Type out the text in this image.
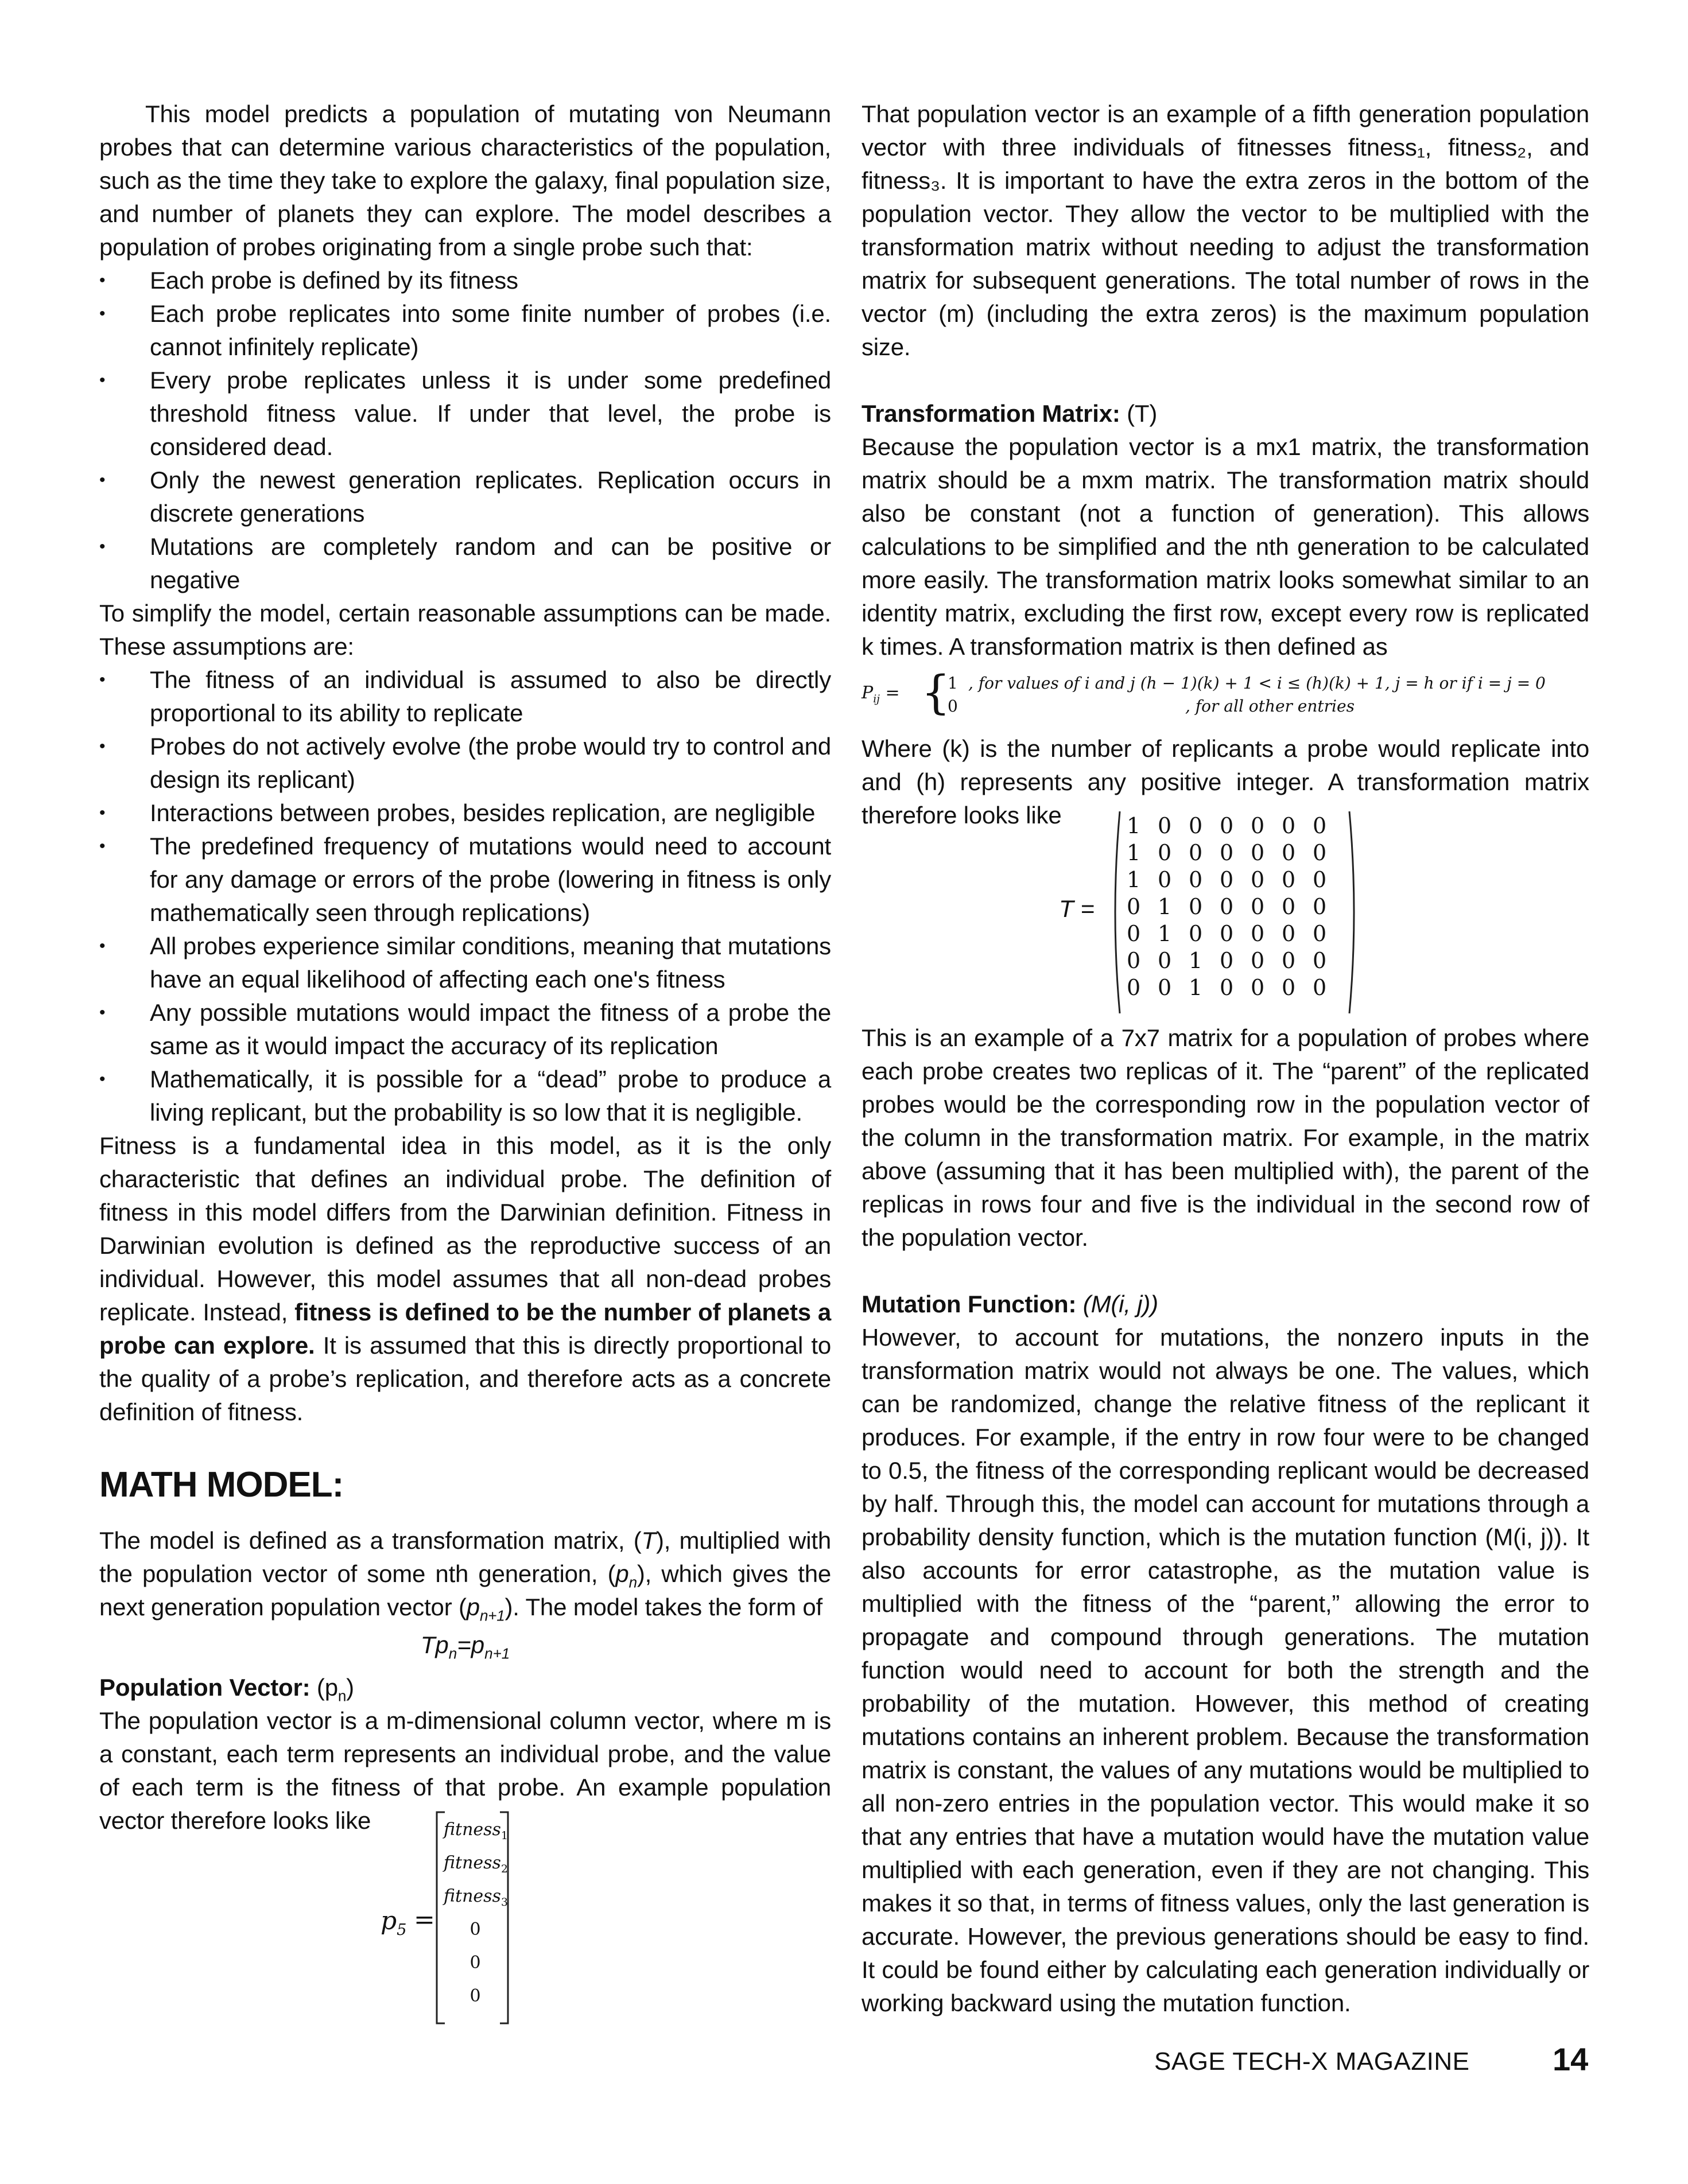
This model predicts a population of mutating von Neumann probes that can determine various characteristics of the population, such as the time they take to explore the galaxy, final population size, and number of planets they can explore. The model describes a population of probes originating from a single probe such that:

• Each probe is defined by its fitness
• Each probe replicates into some finite number of probes (i.e. cannot infinitely replicate)
• Every probe replicates unless it is under some predefined threshold fitness value. If under that level, the probe is considered dead.
• Only the newest generation replicates. Replication occurs in discrete generations
• Mutations are completely random and can be positive or negative

To simplify the model, certain reasonable assumptions can be made. These assumptions are:

• The fitness of an individual is assumed to also be directly proportional to its ability to replicate
• Probes do not actively evolve (the probe would try to control and design its replicant)
• Interactions between probes, besides replication, are negligible
• The predefined frequency of mutations would need to account for any damage or errors of the probe (lowering in fitness is only mathematically seen through replications)
• All probes experience similar conditions, meaning that mutations have an equal likelihood of affecting each one's fitness
• Any possible mutations would impact the fitness of a probe the same as it would impact the accuracy of its replication
• Mathematically, it is possible for a “dead” probe to produce a living replicant, but the probability is so low that it is negligible.

Fitness is a fundamental idea in this model, as it is the only characteristic that defines an individual probe. The definition of fitness in this model differs from the Darwinian definition. Fitness in Darwinian evolution is defined as the reproductive success of an individual. However, this model assumes that all non-dead probes replicate. Instead, fitness is defined to be the number of planets a probe can explore. It is assumed that this is directly proportional to the quality of a probe’s replication, and therefore acts as a concrete definition of fitness.

MATH MODEL:

The model is defined as a transformation matrix, (T), multiplied with the population vector of some nth generation, $(p_n)$, which gives the next generation population vector $(p_{n+1})$. The model takes the form of

$Tp_n=p_{n+1}$

Population Vector: $(p_n)$

The population vector is a m-dimensional column vector, where m is a constant, each term represents an individual probe, and the value of each term is the fitness of that probe. An example population vector therefore looks like

$p_5$ =
fitness$_1$
fitness$_2$
fitness$_3$
0
0
0

That population vector is an example of a fifth generation population vector with three individuals of fitnesses fitness₁, fitness₂, and fitness₃. It is important to have the extra zeros in the bottom of the population vector. They allow the vector to be multiplied with the transformation matrix without needing to adjust the transformation matrix for subsequent generations. The total number of rows in the vector (m) (including the extra zeros) is the maximum population size.

Transformation Matrix: (T)

Because the population vector is a mx1 matrix, the transformation matrix should be a mxm matrix. The transformation matrix should also be constant (not a function of generation). This allows calculations to be simplified and the nth generation to be calculated more easily. The transformation matrix looks somewhat similar to an identity matrix, excluding the first row, except every row is replicated k times. A transformation matrix is then defined as

$P_{ij}$ = {
1 , for values of i and j (h − 1)(k) + 1 < i ≤ (h)(k) + 1, j = h or if i = j = 0
0	, for all other entries

Where (k) is the number of replicants a probe would replicate into and (h) represents any positive integer. A transformation matrix therefore looks like

T =
1 0 0 0 0 0 0
1 0 0 0 0 0 0
1 0 0 0 0 0 0
0 1 0 0 0 0 0
0 1 0 0 0 0 0
0 0 1 0 0 0 0
0 0 1 0 0 0 0

This is an example of a 7x7 matrix for a population of probes where each probe creates two replicas of it. The “parent” of the replicated probes would be the corresponding row in the population vector of the column in the transformation matrix. For example, in the matrix above (assuming that it has been multiplied with), the parent of the replicas in rows four and five is the individual in the second row of the population vector.

Mutation Function: (M(i, j))

However, to account for mutations, the nonzero inputs in the transformation matrix would not always be one. The values, which can be randomized, change the relative fitness of the replicant it produces. For example, if the entry in row four were to be changed to 0.5, the fitness of the corresponding replicant would be decreased by half. Through this, the model can account for mutations through a probability density function, which is the mutation function (M(i, j)). It also accounts for error catastrophe, as the mutation value is multiplied with the fitness of the “parent,” allowing the error to propagate and compound through generations. The mutation function would need to account for both the strength and the probability of the mutation. However, this method of creating mutations contains an inherent problem. Because the transformation matrix is constant, the values of any mutations would be multiplied to all non-zero entries in the population vector. This would make it so that any entries that have a mutation would have the mutation value multiplied with each generation, even if they are not changing. This makes it so that, in terms of fitness values, only the last generation is accurate. However, the previous generations should be easy to find. It could be found either by calculating each generation individually or working backward using the mutation function.

SAGE TECH-X MAGAZINE	14
